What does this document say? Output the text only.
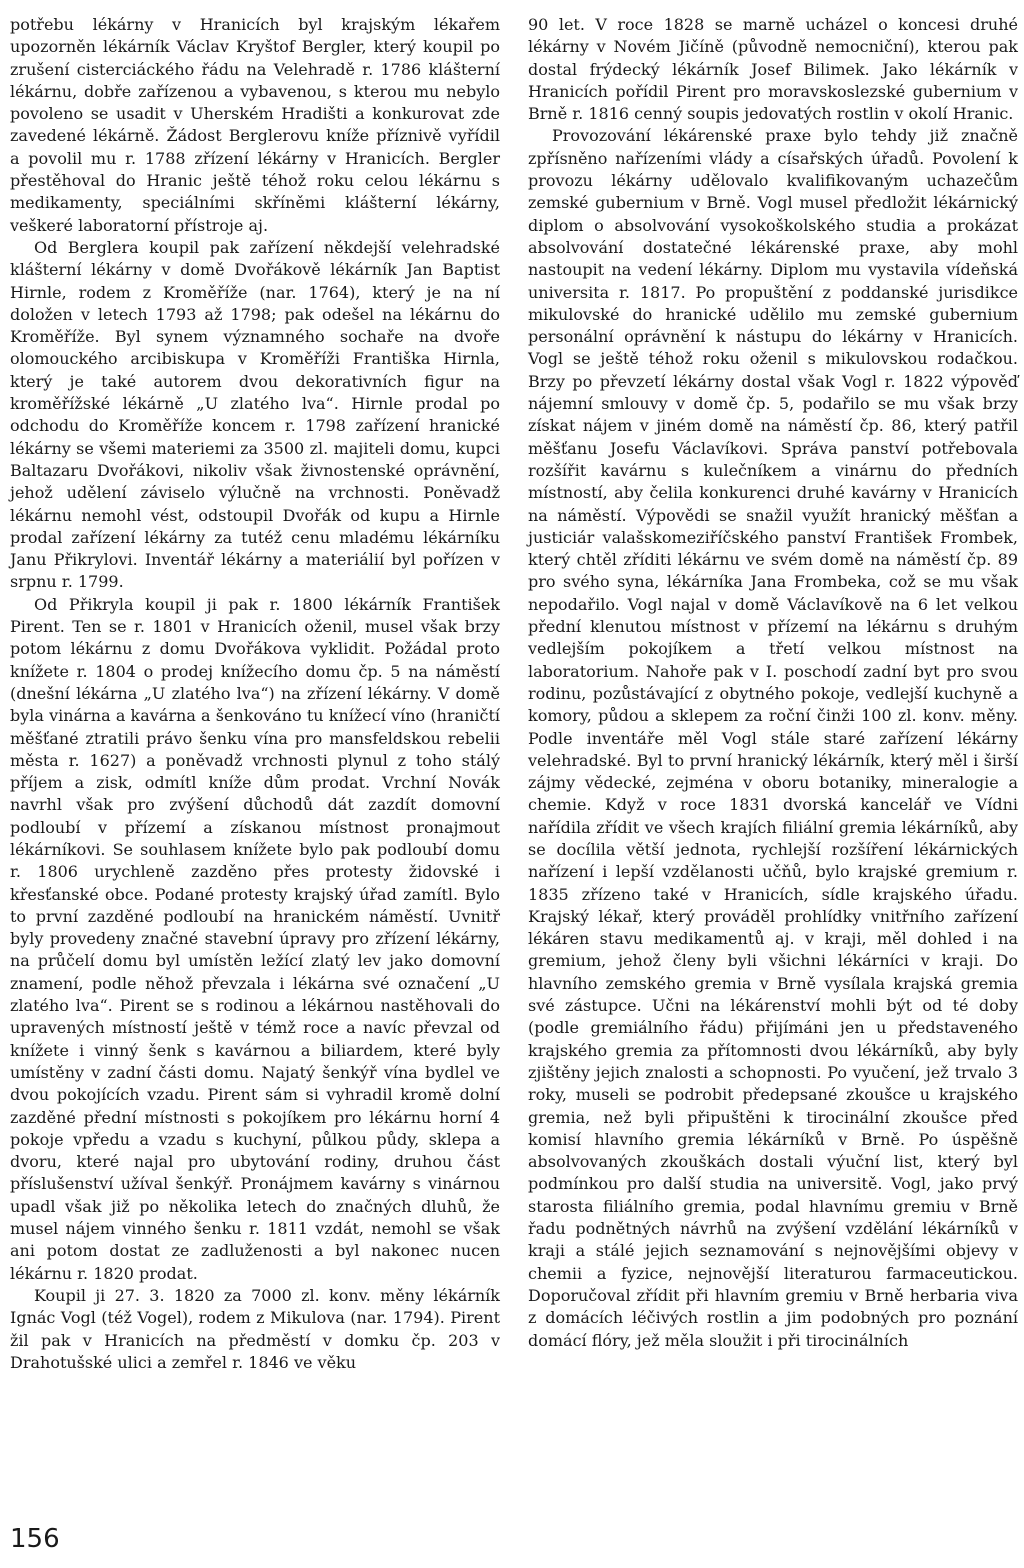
potřebu lékárny v Hranicích byl krajským lékařem upozorněn lékárník Václav Kryštof Bergler, který koupil po zrušení cisterciáckého řádu na Velehradě r. 1786 klášterní lékárnu, dobře zařízenou a vybavenou, s kterou mu nebylo povoleno se usadit v Uherském Hradišti a konkurovat zde zavedené lékárně. Žádost Berglerovu kníže příznivě vyřídil a povolil mu r. 1788 zřízení lékárny v Hranicích. Bergler přestěhoval do Hranic ještě téhož roku celou lékárnu s medikamenty, speciálními skříněmi klášterní lékárny, veškeré laboratorní přístroje aj.

Od Berglera koupil pak zařízení někdejší velehradské klášterní lékárny v domě Dvořákově lékárník Jan Baptist Hirnle, rodem z Kroměříže (nar. 1764), který je na ní doložen v letech 1793 až 1798; pak odešel na lékárnu do Kroměříže. Byl synem významného sochaře na dvoře olomouckého arcibiskupa v Kroměříži Františka Hirnla, který je také autorem dvou dekorativních figur na kroměřížské lékárně „U zlatého lva“. Hirnle prodal po odchodu do Kroměříže koncem r. 1798 zařízení hranické lékárny se všemi materiemi za 3500 zl. majiteli domu, kupci Baltazaru Dvořákovi, nikoliv však živnostenské oprávnění, jehož udělení záviselo výlučně na vrchnosti. Poněvadž lékárnu nemohl vést, odstoupil Dvořák od kupu a Hirnle prodal zařízení lékárny za tutéž cenu mladému lékárníku Janu Přikrylovi. Inventář lékárny a materiálií byl pořízen v srpnu r. 1799.

Od Přikryla koupil ji pak r. 1800 lékárník František Pirent. Ten se r. 1801 v Hranicích oženil, musel však brzy potom lékárnu z domu Dvořákova vyklidit. Požádal proto knížete r. 1804 o prodej knížecího domu čp. 5 na náměstí (dnešní lékárna „U zlatého lva“) na zřízení lékárny. V domě byla vinárna a kavárna a šenkováno tu knížecí víno (hraničtí měšťané ztratili právo šenku vína pro mansfeldskou rebelii města r. 1627) a poněvadž vrchnosti plynul z toho stálý příjem a zisk, odmítl kníže dům prodat. Vrchní Novák navrhl však pro zvýšení důchodů dát zazdít domovní podloubí v přízemí a získanou místnost pronajmout lékárníkovi. Se souhlasem knížete bylo pak podloubí domu r. 1806 urychleně zazděno přes protesty židovské i křesťanské obce. Podané protesty krajský úřad zamítl. Bylo to první zazděné podloubí na hranickém náměstí. Uvnitř byly provedeny značné stavební úpravy pro zřízení lékárny, na průčelí domu byl umístěn ležící zlatý lev jako domovní znamení, podle něhož převzala i lékárna své označení „U zlatého lva“. Pirent se s rodinou a lékárnou nastěhovali do upravených místností ještě v témž roce a navíc převzal od knížete i vinný šenk s kavárnou a biliardem, které byly umístěny v zadní části domu. Najatý šenkýř vína bydlel ve dvou pokojících vzadu. Pirent sám si vyhradil kromě dolní zazděné přední místnosti s pokojíkem pro lékárnu horní 4 pokoje vpředu a vzadu s kuchyní, půlkou půdy, sklepa a dvoru, které najal pro ubytování rodiny, druhou část příslušenství užíval šenkýř. Pronájmem kavárny s vinárnou upadl však již po několika letech do značných dluhů, že musel nájem vinného šenku r. 1811 vzdát, nemohl se však ani potom dostat ze zadluženosti a byl nakonec nucen lékárnu r. 1820 prodat.

Koupil ji 27. 3. 1820 za 7000 zl. konv. měny lékárník Ignác Vogl (též Vogel), rodem z Mikulova (nar. 1794). Pirent žil pak v Hranicích na předměstí v domku čp. 203 v Drahotušské ulici a zemřel r. 1846 ve věku

90 let. V roce 1828 se marně ucházel o koncesi druhé lékárny v Novém Jičíně (původně nemocniční), kterou pak dostal frýdecký lékárník Josef Bilimek. Jako lékárník v Hranicích pořídil Pirent pro moravskoslezské gubernium v Brně r. 1816 cenný soupis jedovatých rostlin v okolí Hranic.

Provozování lékárenské praxe bylo tehdy již značně zpřísněno nařízeními vlády a císařských úřadů. Povolení k provozu lékárny udělovalo kvalifikovaným uchazečům zemské gubernium v Brně. Vogl musel předložit lékárnický diplom o absolvování vysokoškolského studia a prokázat absolvování dostatečné lékárenské praxe, aby mohl nastoupit na vedení lékárny. Diplom mu vystavila vídeňská universita r. 1817. Po propuštění z poddanské jurisdikce mikulovské do hranické udělilo mu zemské gubernium personální oprávnění k nástupu do lékárny v Hranicích. Vogl se ještě téhož roku oženil s mikulovskou rodačkou. Brzy po převzetí lékárny dostal však Vogl r. 1822 výpověď nájemní smlouvy v domě čp. 5, podařilo se mu však brzy získat nájem v jiném domě na náměstí čp. 86, který patřil měšťanu Josefu Václavíkovi. Správa panství potřebovala rozšířit kavárnu s kulečníkem a vinárnu do předních místností, aby čelila konkurenci druhé kavárny v Hranicích na náměstí. Výpovědi se snažil využít hranický měšťan a justiciár valašskomeziříčského panství František Frombek, který chtěl zříditi lékárnu ve svém domě na náměstí čp. 89 pro svého syna, lékárníka Jana Frombeka, což se mu však nepodařilo. Vogl najal v domě Václavíkově na 6 let velkou přední klenutou místnost v přízemí na lékárnu s druhým vedlejším pokojíkem a třetí velkou místnost na laboratorium. Nahoře pak v I. poschodí zadní byt pro svou rodinu, pozůstávající z obytného pokoje, vedlejší kuchyně a komory, půdou a sklepem za roční činži 100 zl. konv. měny. Podle inventáře měl Vogl stále staré zařízení lékárny velehradské. Byl to první hranický lékárník, který měl i širší zájmy vědecké, zejména v oboru botaniky, mineralogie a chemie. Když v roce 1831 dvorská kancelář ve Vídni nařídila zřídit ve všech krajích filiální gremia lékárníků, aby se docílila větší jednota, rychlejší rozšíření lékárnických nařízení i lepší vzdělanosti učňů, bylo krajské gremium r. 1835 zřízeno také v Hranicích, sídle krajského úřadu. Krajský lékař, který prováděl prohlídky vnitřního zařízení lékáren stavu medikamentů aj. v kraji, měl dohled i na gremium, jehož členy byli všichni lékárníci v kraji. Do hlavního zemského gremia v Brně vysílala krajská gremia své zástupce. Učni na lékárenství mohli být od té doby (podle gremiálního řádu) přijímáni jen u představeného krajského gremia za přítomnosti dvou lékárníků, aby byly zjištěny jejich znalosti a schopnosti. Po vyučení, jež trvalo 3 roky, museli se podrobit předepsané zkoušce u krajského gremia, než byli připuštěni k tirocinální zkoušce před komisí hlavního gremia lékárníků v Brně. Po úspěšně absolvovaných zkouškách dostali výuční list, který byl podmínkou pro další studia na universitě. Vogl, jako prvý starosta filiálního gremia, podal hlavnímu gremiu v Brně řadu podnětných návrhů na zvýšení vzdělání lékárníků v kraji a stálé jejich seznamování s nejnovějšími objevy v chemii a fyzice, nejnovější literaturou farmaceutickou. Doporučoval zřídit při hlavním gremiu v Brně herbaria viva z domácích léčivých rostlin a jim podobných pro poznání domácí flóry, jež měla sloužit i při tirocinálních

156
